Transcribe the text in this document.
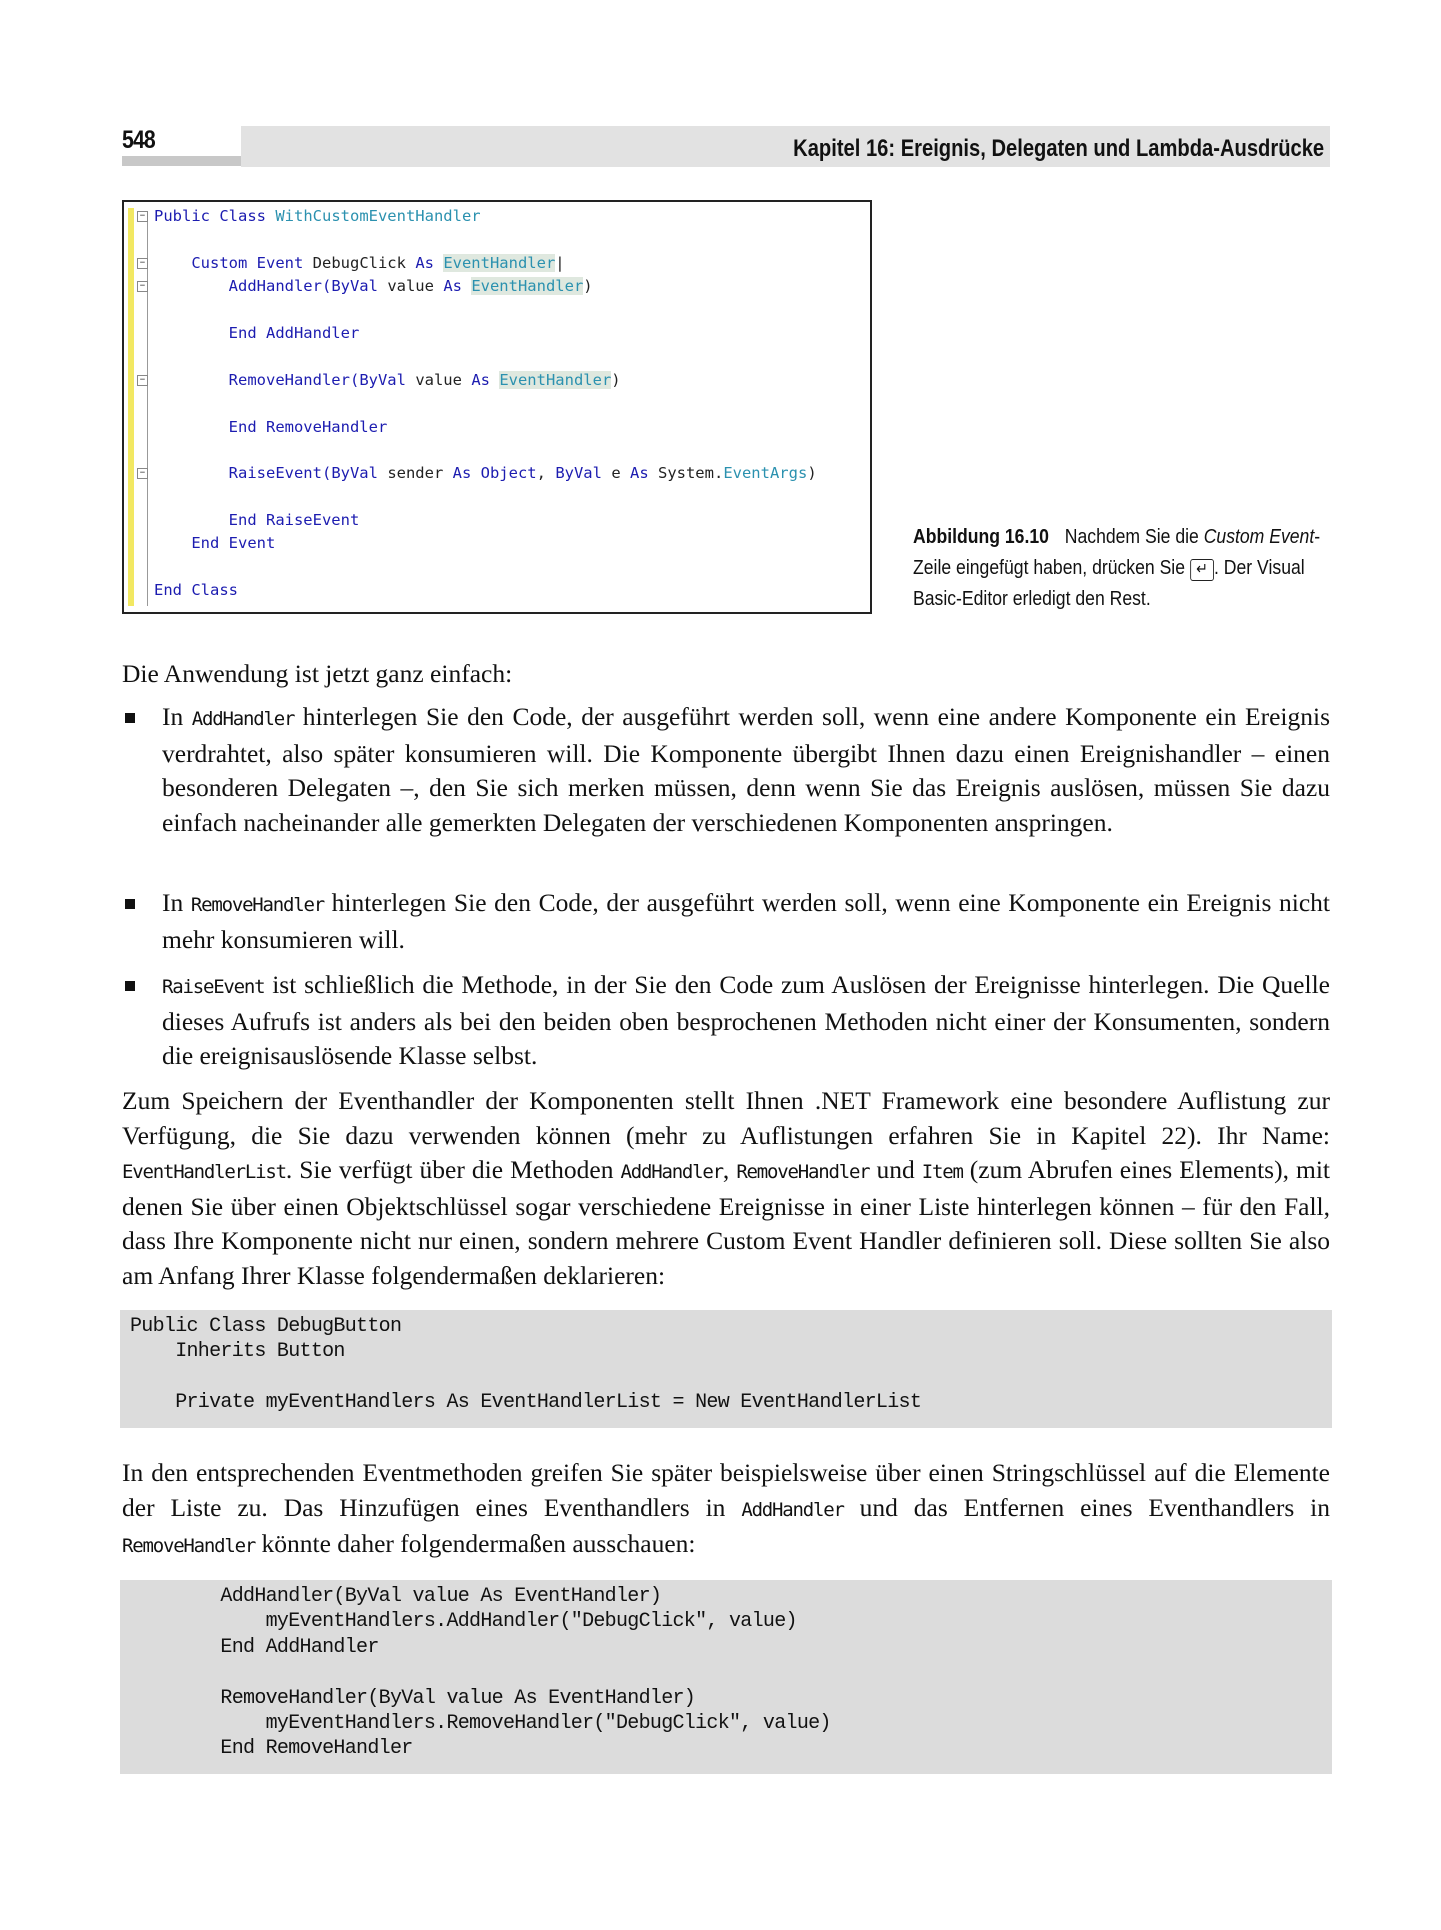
548	Kapitel 16: Ereignis, Delegaten und Lambda-Ausdrücke
− Public Class WithCustomEventHandler
−	Custom Event DebugClick As EventHandler|
−	AddHandler(ByVal value As EventHandler)
End AddHandler
−	RemoveHandler(ByVal value As EventHandler)
End RemoveHandler
−	RaiseEvent(ByVal sender As Object, ByVal e As System.EventArgs)
End RaiseEvent
End Event
End Class
Abbildung 16.10 Nachdem Sie die Custom Event-Zeile eingefügt haben, drücken Sie ↵ . Der Visual Basic-Editor erledigt den Rest.
Die Anwendung ist jetzt ganz einfach:
In AddHandler hinterlegen Sie den Code, der ausgeführt werden soll, wenn eine andere Komponente ein Ereignis verdrahtet, also später konsumieren will. Die Komponente übergibt Ihnen dazu einen Ereignishandler – einen besonderen Delegaten –, den Sie sich merken müssen, denn wenn Sie das Ereignis auslösen, müssen Sie dazu einfach nacheinander alle gemerkten Delegaten der verschiedenen Komponenten anspringen.
In RemoveHandler hinterlegen Sie den Code, der ausgeführt werden soll, wenn eine Komponente ein Ereignis nicht mehr konsumieren will.
RaiseEvent ist schließlich die Methode, in der Sie den Code zum Auslösen der Ereignisse hinterlegen. Die Quelle dieses Aufrufs ist anders als bei den beiden oben besprochenen Methoden nicht einer der Konsumenten, sondern die ereignisauslösende Klasse selbst.
Zum Speichern der Eventhandler der Komponenten stellt Ihnen .NET Framework eine besondere Auflistung zur Verfügung, die Sie dazu verwenden können (mehr zu Auflistungen erfahren Sie in Kapitel 22). Ihr Name: EventHandlerList. Sie verfügt über die Methoden AddHandler, RemoveHandler und Item (zum Abrufen eines Elements), mit denen Sie über einen Objektschlüssel sogar verschiedene Ereignisse in einer Liste hinterlegen können – für den Fall, dass Ihre Komponente nicht nur einen, sondern mehrere Custom Event Handler definieren soll. Diese sollten Sie also am Anfang Ihrer Klasse folgendermaßen deklarieren:
Public Class DebugButton
Inherits Button

Private myEventHandlers As EventHandlerList = New EventHandlerList
In den entsprechenden Eventmethoden greifen Sie später beispielsweise über einen Stringschlüssel auf die Elemente der Liste zu. Das Hinzufügen eines Eventhandlers in AddHandler und das Entfernen eines Eventhandlers in RemoveHandler könnte daher folgendermaßen ausschauen:
AddHandler(ByVal value As EventHandler)
myEventHandlers.AddHandler("DebugClick", value)
End AddHandler

RemoveHandler(ByVal value As EventHandler)
myEventHandlers.RemoveHandler("DebugClick", value)
End RemoveHandler
